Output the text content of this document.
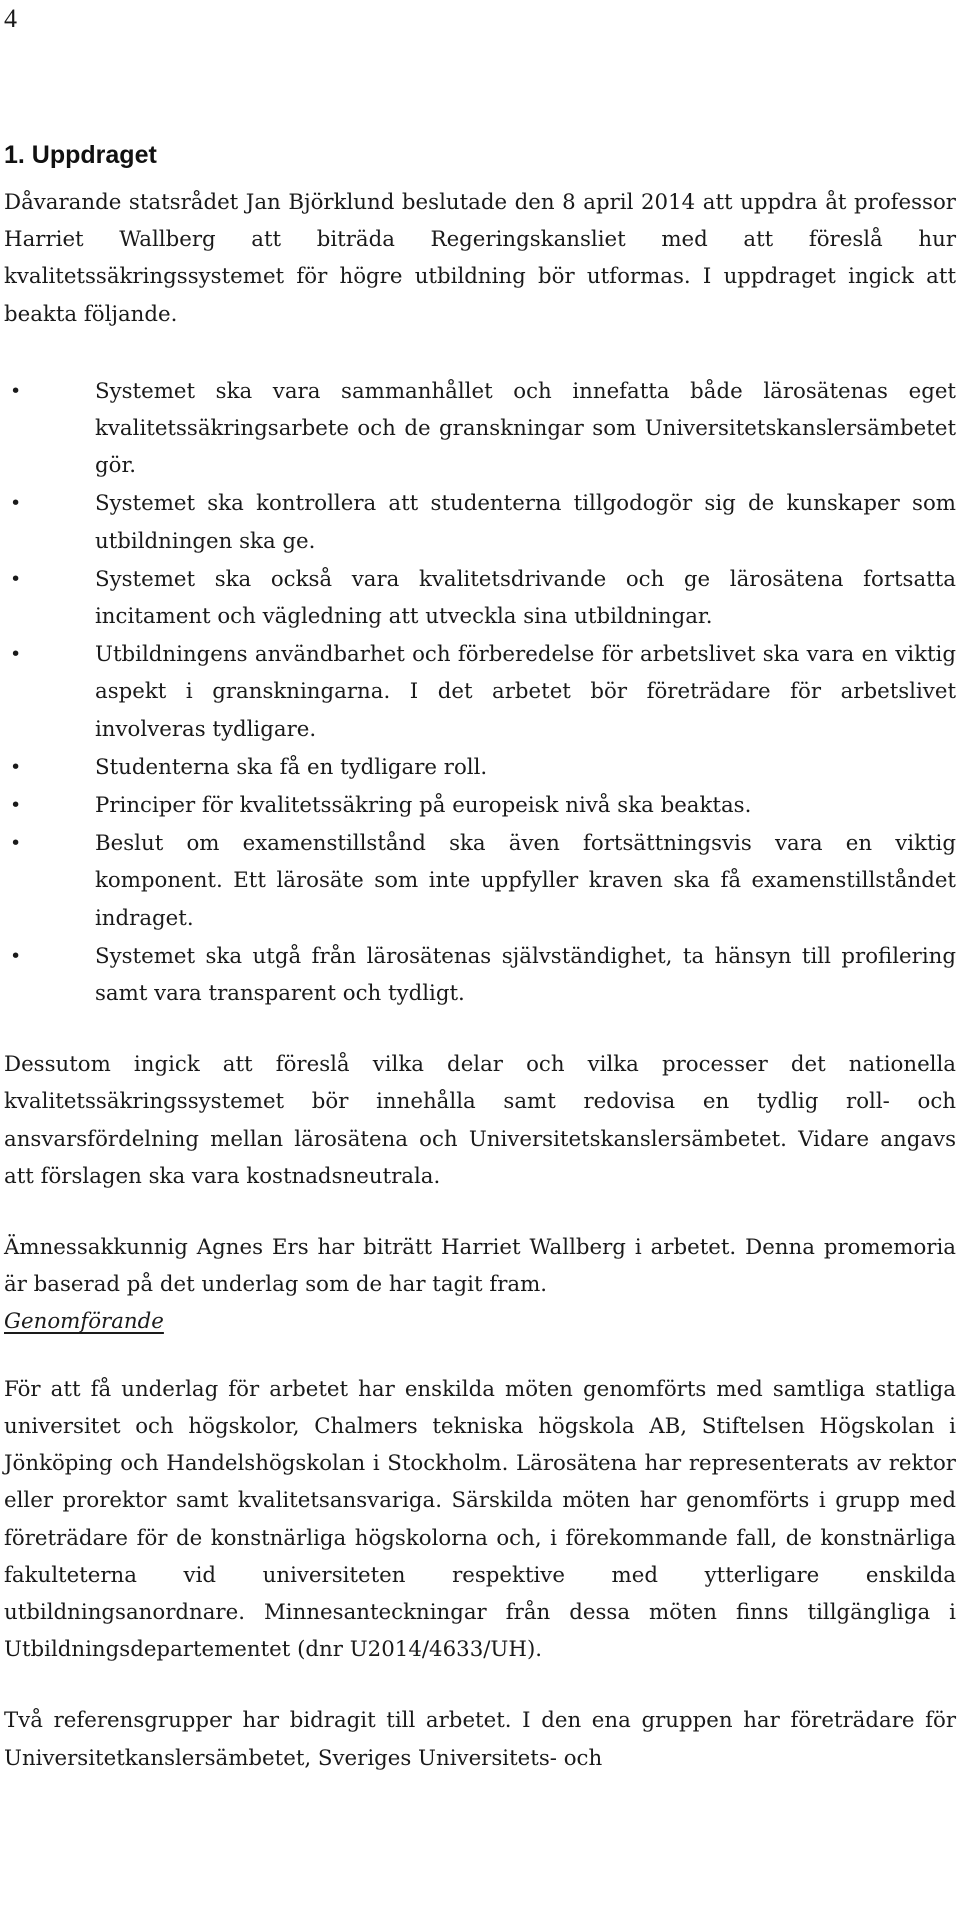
4
1. Uppdraget

Dåvarande statsrådet Jan Björklund beslutade den 8 april 2014 att uppdra åt professor Harriet Wallberg att biträda Regeringskansliet med att föreslå hur kvalitetssäkringssystemet för högre utbildning bör utformas. I uppdraget ingick att beakta följande.

•	Systemet ska vara sammanhållet och innefatta både lärosätenas eget kvalitetssäkringsarbete och de granskningar som Universitetskanslersämbetet gör.
•	Systemet ska kontrollera att studenterna tillgodogör sig de kunskaper som utbildningen ska ge.
•	Systemet ska också vara kvalitetsdrivande och ge lärosätena fortsatta incitament och vägledning att utveckla sina utbildningar.
•	Utbildningens användbarhet och förberedelse för arbetslivet ska vara en viktig aspekt i granskningarna. I det arbetet bör företrädare för arbetslivet involveras tydligare.
•	Studenterna ska få en tydligare roll.
•	Principer för kvalitetssäkring på europeisk nivå ska beaktas.
•	Beslut om examenstillstånd ska även fortsättningsvis vara en viktig komponent. Ett lärosäte som inte uppfyller kraven ska få examenstillståndet indraget.
•	Systemet ska utgå från lärosätenas självständighet, ta hänsyn till profilering samt vara transparent och tydligt.

Dessutom ingick att föreslå vilka delar och vilka processer det nationella kvalitetssäkringssystemet bör innehålla samt redovisa en tydlig roll- och ansvarsfördelning mellan lärosätena och Universitetskanslersämbetet. Vidare angavs att förslagen ska vara kostnadsneutrala.

Ämnessakkunnig Agnes Ers har biträtt Harriet Wallberg i arbetet. Denna promemoria är baserad på det underlag som de har tagit fram.

Genomförande

För att få underlag för arbetet har enskilda möten genomförts med samtliga statliga universitet och högskolor, Chalmers tekniska högskola AB, Stiftelsen Högskolan i Jönköping och Handelshögskolan i Stockholm. Lärosätena har representerats av rektor eller prorektor samt kvalitetsansvariga. Särskilda möten har genomförts i grupp med företrädare för de konstnärliga högskolorna och, i förekommande fall, de konstnärliga fakulteterna vid universiteten respektive med ytterligare enskilda utbildningsanordnare. Minnesanteckningar från dessa möten finns tillgängliga i Utbildningsdepartementet (dnr U2014/4633/UH).

Två referensgrupper har bidragit till arbetet. I den ena gruppen har företrädare för Universitetkanslersämbetet, Sveriges Universitets- och
